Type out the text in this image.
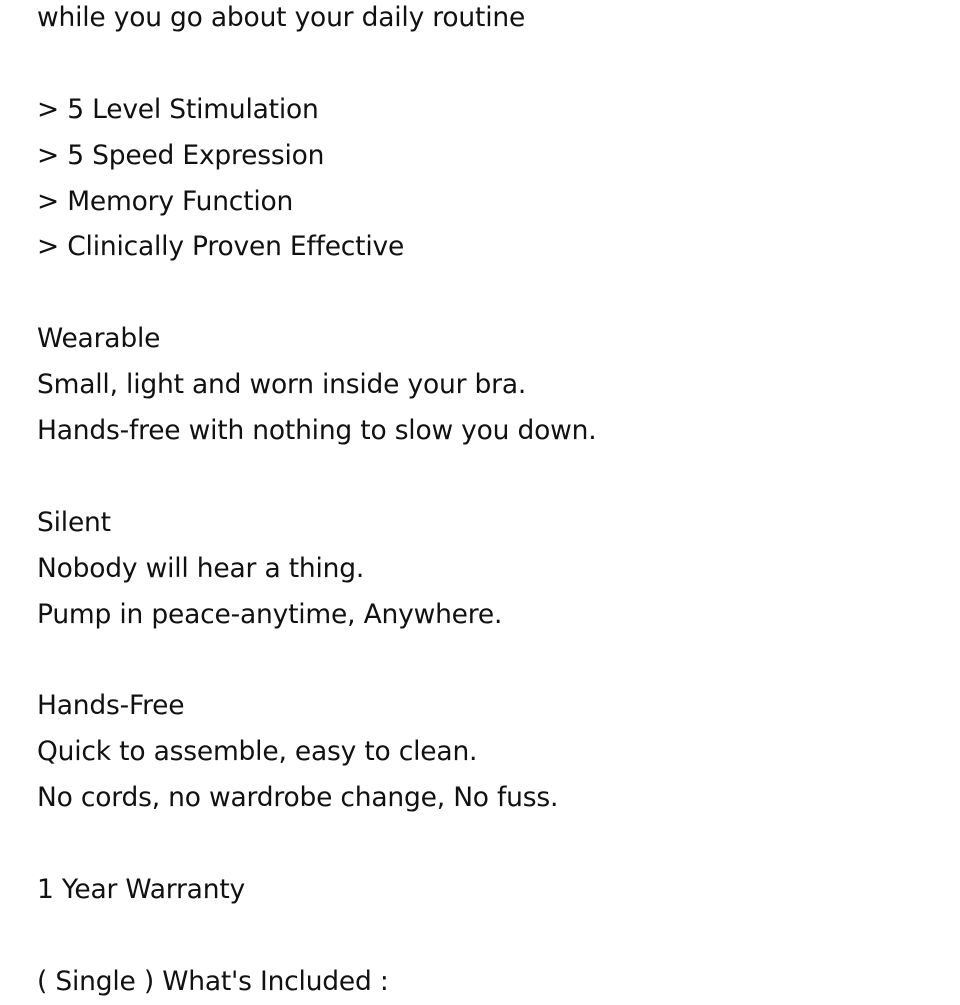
while you go about your daily routine
> 5 Level Stimulation
> 5 Speed Expression
> Memory Function
> Clinically Proven Effective
Wearable
Small, light and worn inside your bra.
Hands-free with nothing to slow you down.
Silent
Nobody will hear a thing.
Pump in peace-anytime, Anywhere.
Hands-Free
Quick to assemble, easy to clean.
No cords, no wardrobe change, No fuss.
1 Year Warranty
( Single ) What's Included :
